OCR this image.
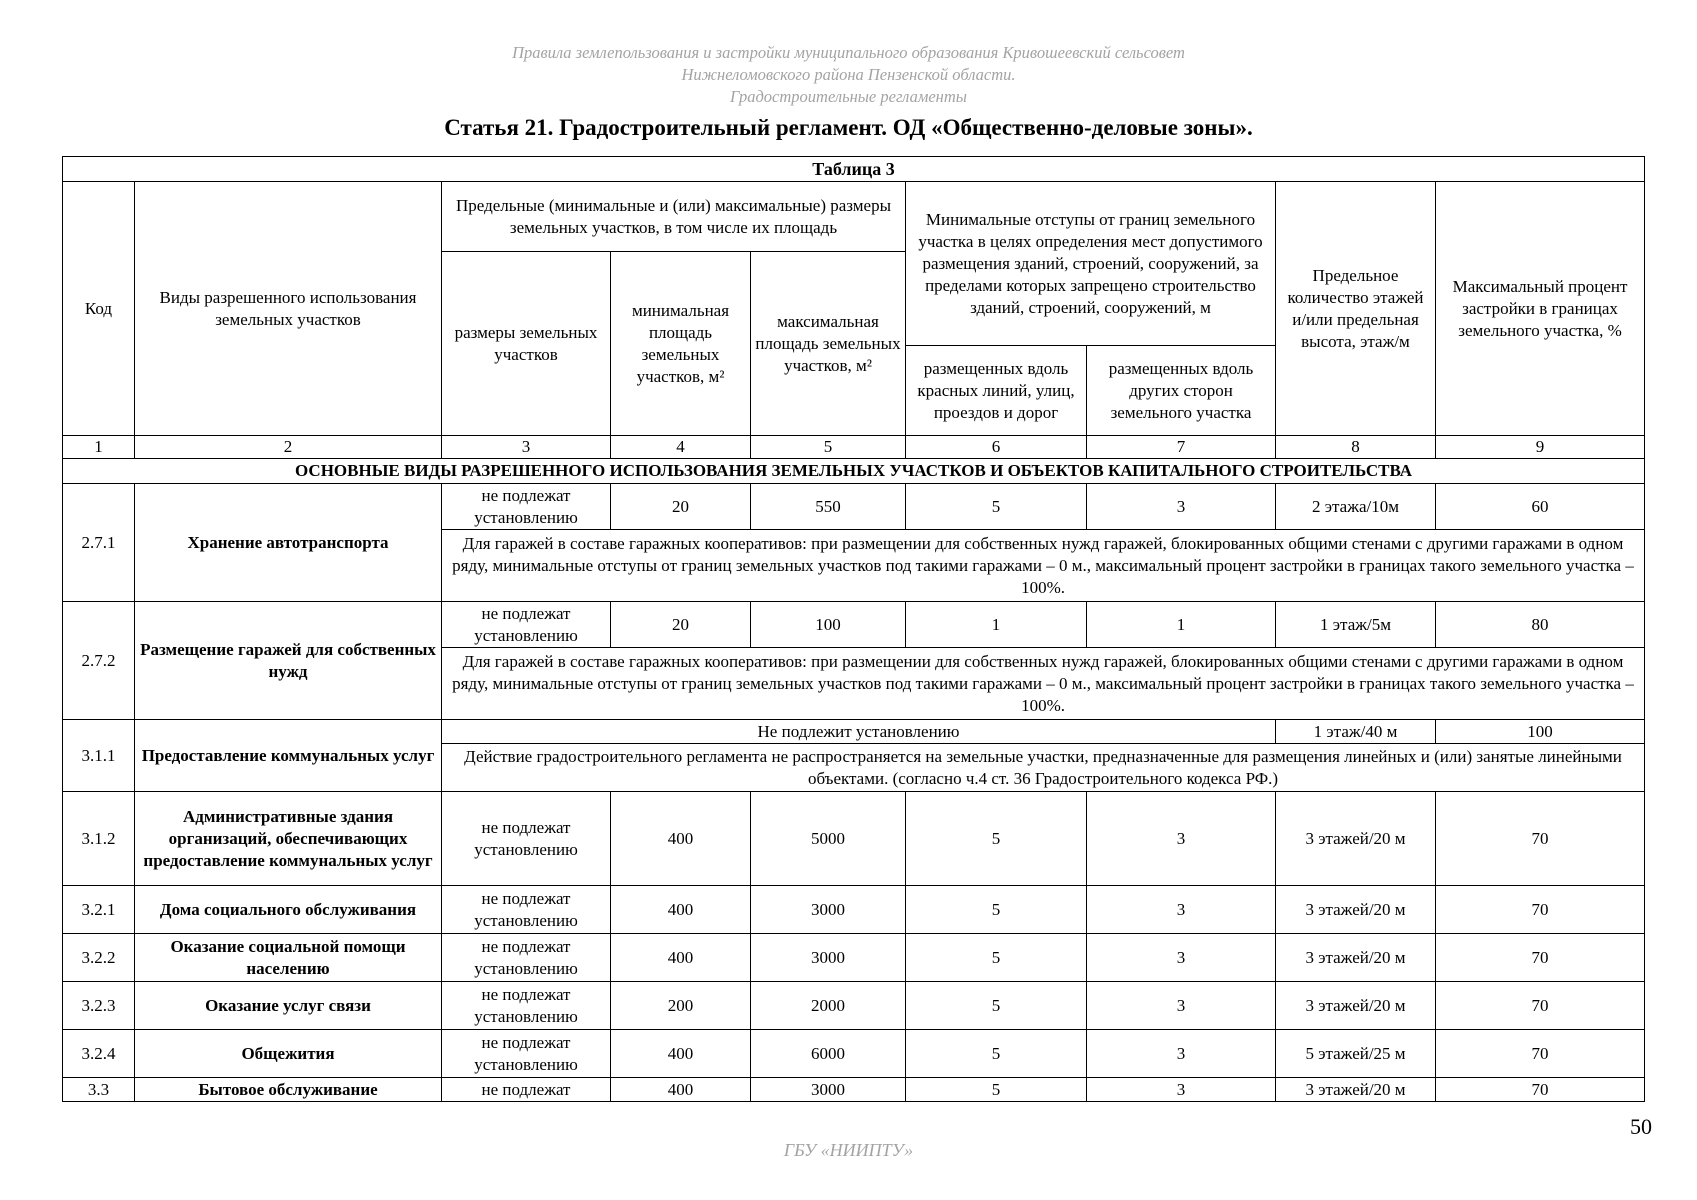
Правила землепользования и застройки муниципального образования Кривошеевский сельсовет
Нижнеломовского района Пензенской области.
Градостроительные регламенты
Статья 21. Градостроительный регламент. ОД «Общественно-деловые зоны».
Таблица 3								
Код	Виды разрешенного использования земельных участков	Предельные (минимальные и (или) максимальные) размеры земельных участков, в том числе их площадь			Минимальные отступы от границ земельного участка в целях определения мест допустимого размещения зданий, строений, сооружений, за пределами которых запрещено строительство зданий, строений, сооружений, м		Предельное количество этажей и/или предельная высота, этаж/м	Максимальный процент застройки в границах земельного участка, %
		размеры земельных участков	минимальная площадь земельных участков, м²	максимальная площадь земельных участков, м²				
					размещенных вдоль красных линий, улиц, проездов и дорог	размещенных вдоль других сторон земельного участка		
1	2	3	4	5	6	7	8	9
ОСНОВНЫЕ ВИДЫ РАЗРЕШЕННОГО ИСПОЛЬЗОВАНИЯ ЗЕМЕЛЬНЫХ УЧАСТКОВ И ОБЪЕКТОВ КАПИТАЛЬНОГО СТРОИТЕЛЬСТВА								
2.7.1	Хранение автотранспорта	не подлежат установлению	20	550	5	3	2 этажа/10м	60
		Для гаражей в составе гаражных кооперативов: при размещении для собственных нужд гаражей, блокированных общими стенами с другими гаражами в одном ряду, минимальные отступы от границ земельных участков под такими гаражами – 0 м., максимальный процент застройки в границах такого земельного участка – 100%.						
2.7.2	Размещение гаражей для собственных нужд	не подлежат установлению	20	100	1	1	1 этаж/5м	80
		Для гаражей в составе гаражных кооперативов: при размещении для собственных нужд гаражей, блокированных общими стенами с другими гаражами в одном ряду, минимальные отступы от границ земельных участков под такими гаражами – 0 м., максимальный процент застройки в границах такого земельного участка – 100%.						
3.1.1	Предоставление коммунальных услуг	Не подлежит установлению					1 этаж/40 м	100
		Действие градостроительного регламента не распространяется на земельные участки, предназначенные для размещения линейных и (или) занятые линейными объектами. (согласно ч.4 ст. 36 Градостроительного кодекса РФ.)						
3.1.2	Административные здания организаций, обеспечивающих предоставление коммунальных услуг	не подлежат установлению	400	5000	5	3	3 этажей/20 м	70
3.2.1	Дома социального обслуживания	не подлежат установлению	400	3000	5	3	3 этажей/20 м	70
3.2.2	Оказание социальной помощи населению	не подлежат установлению	400	3000	5	3	3 этажей/20 м	70
3.2.3	Оказание услуг связи	не подлежат установлению	200	2000	5	3	3 этажей/20 м	70
3.2.4	Общежития	не подлежат установлению	400	6000	5	3	5 этажей/25 м	70
3.3	Бытовое обслуживание	не подлежат	400	3000	5	3	3 этажей/20 м	70
50
ГБУ «НИИПТУ»
